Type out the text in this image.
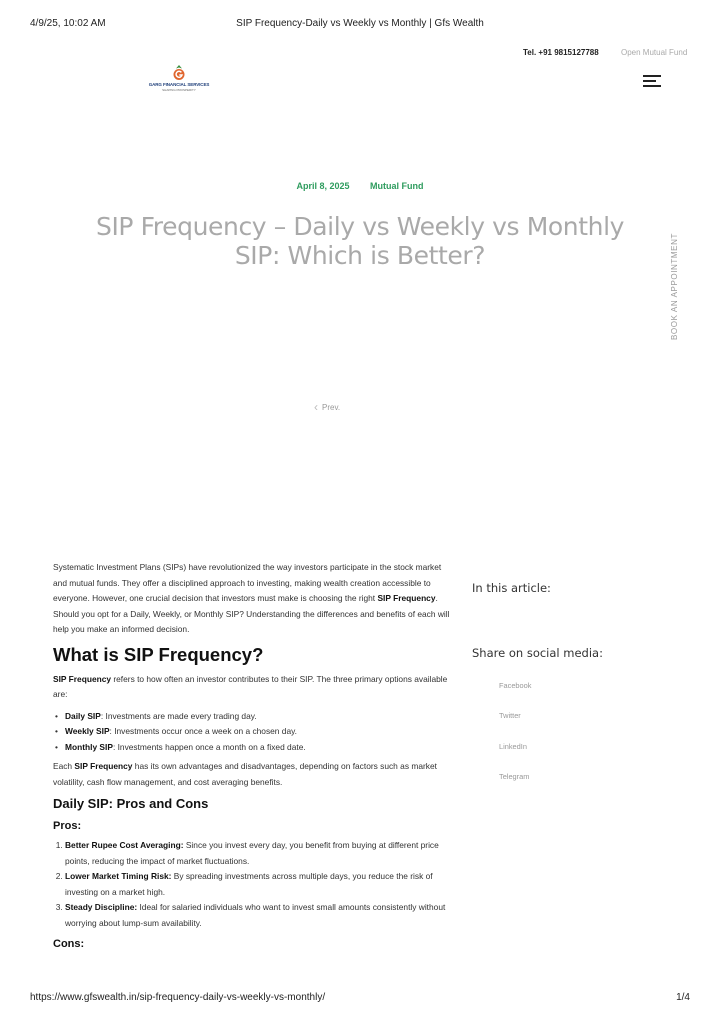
4/9/25, 10:02 AM	SIP Frequency-Daily vs Weekly vs Monthly | Gfs Wealth
Tel. +91 9815127788	Open Mutual Fund
GARG FINANCIAL SERVICES
SHAPING PROSPERITY
April 8, 2025 Mutual Fund
SIP Frequency – Daily vs Weekly vs Monthly SIP: Which is Better?	BOOK AN APPOINTMENT
‹ Prev.

Systematic Investment Plans (SIPs) have revolutionized the way investors participate in the stock market and mutual funds. They offer a disciplined approach to investing, making wealth creation accessible to everyone. However, one crucial decision that investors must make is choosing the right SIP Frequency. Should you opt for a Daily, Weekly, or Monthly SIP? Understanding the differences and benefits of each will help you make an informed decision.

What is SIP Frequency?

SIP Frequency refers to how often an investor contributes to their SIP. The three primary options available are:

• Daily SIP: Investments are made every trading day.
• Weekly SIP: Investments occur once a week on a chosen day.
• Monthly SIP: Investments happen once a month on a fixed date.

Each SIP Frequency has its own advantages and disadvantages, depending on factors such as market volatility, cash flow management, and cost averaging benefits.

Daily SIP: Pros and Cons
Pros:
1. Better Rupee Cost Averaging: Since you invest every day, you benefit from buying at different price points, reducing the impact of market fluctuations.
2. Lower Market Timing Risk: By spreading investments across multiple days, you reduce the risk of investing on a market high.
3. Steady Discipline: Ideal for salaried individuals who want to invest small amounts consistently without worrying about lump-sum availability.
Cons:
In this article:
Share on social media:
Facebook
Twitter
LinkedIn
Telegram
https://www.gfswealth.in/sip-frequency-daily-vs-weekly-vs-monthly/	1/4
